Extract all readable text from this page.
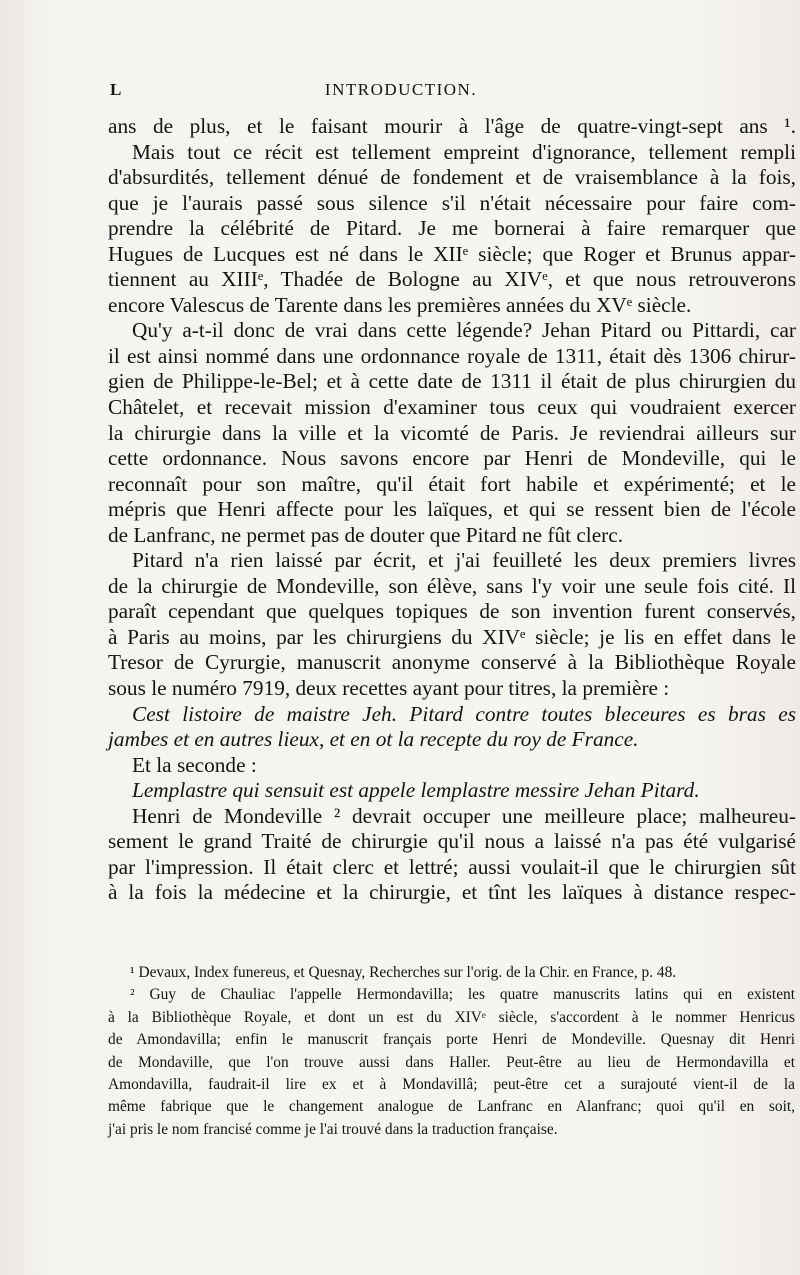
L	INTRODUCTION.
ans de plus, et le faisant mourir à l'âge de quatre-vingt-sept ans ¹.
Mais tout ce récit est tellement empreint d'ignorance, tellement rempli
d'absurdités, tellement dénué de fondement et de vraisemblance à la fois,
que je l'aurais passé sous silence s'il n'était nécessaire pour faire com-
prendre la célébrité de Pitard. Je me bornerai à faire remarquer que
Hugues de Lucques est né dans le XIIᵉ siècle; que Roger et Brunus appar-
tiennent au XIIIᵉ, Thadée de Bologne au XIVᵉ, et que nous retrouverons
encore Valescus de Tarente dans les premières années du XVᵉ siècle.
Qu'y a-t-il donc de vrai dans cette légende? Jehan Pitard ou Pittardi, car
il est ainsi nommé dans une ordonnance royale de 1311, était dès 1306 chirur-
gien de Philippe-le-Bel; et à cette date de 1311 il était de plus chirurgien du
Châtelet, et recevait mission d'examiner tous ceux qui voudraient exercer
la chirurgie dans la ville et la vicomté de Paris. Je reviendrai ailleurs sur
cette ordonnance. Nous savons encore par Henri de Mondeville, qui le
reconnaît pour son maître, qu'il était fort habile et expérimenté; et le
mépris que Henri affecte pour les laïques, et qui se ressent bien de l'école
de Lanfranc, ne permet pas de douter que Pitard ne fût clerc.
Pitard n'a rien laissé par écrit, et j'ai feuilleté les deux premiers livres
de la chirurgie de Mondeville, son élève, sans l'y voir une seule fois cité. Il
paraît cependant que quelques topiques de son invention furent conservés,
à Paris au moins, par les chirurgiens du XIVᵉ siècle; je lis en effet dans le
Tresor de Cyrurgie, manuscrit anonyme conservé à la Bibliothèque Royale
sous le numéro 7919, deux recettes ayant pour titres, la première :
Cest listoire de maistre Jeh. Pitard contre toutes bleceures es bras es
jambes et en autres lieux, et en ot la recepte du roy de France.
Et la seconde :
Lemplastre qui sensuit est appele lemplastre messire Jehan Pitard.
Henri de Mondeville ² devrait occuper une meilleure place; malheureu-
sement le grand Traité de chirurgie qu'il nous a laissé n'a pas été vulgarisé
par l'impression. Il était clerc et lettré; aussi voulait-il que le chirurgien sût
à la fois la médecine et la chirurgie, et tînt les laïques à distance respec-
¹ Devaux, Index funereus, et Quesnay, Recherches sur l'orig. de la Chir. en France, p. 48.
² Guy de Chauliac l'appelle Hermondavilla; les quatre manuscrits latins qui en existent
à la Bibliothèque Royale, et dont un est du XIVᵉ siècle, s'accordent à le nommer Henricus
de Amondavilla; enfin le manuscrit français porte Henri de Mondeville. Quesnay dit Henri
de Mondaville, que l'on trouve aussi dans Haller. Peut-être au lieu de Hermondavilla et
Amondavilla, faudrait-il lire ex et à Mondavillâ; peut-être cet a surajouté vient-il de la
même fabrique que le changement analogue de Lanfranc en Alanfranc; quoi qu'il en soit,
j'ai pris le nom francisé comme je l'ai trouvé dans la traduction française.
